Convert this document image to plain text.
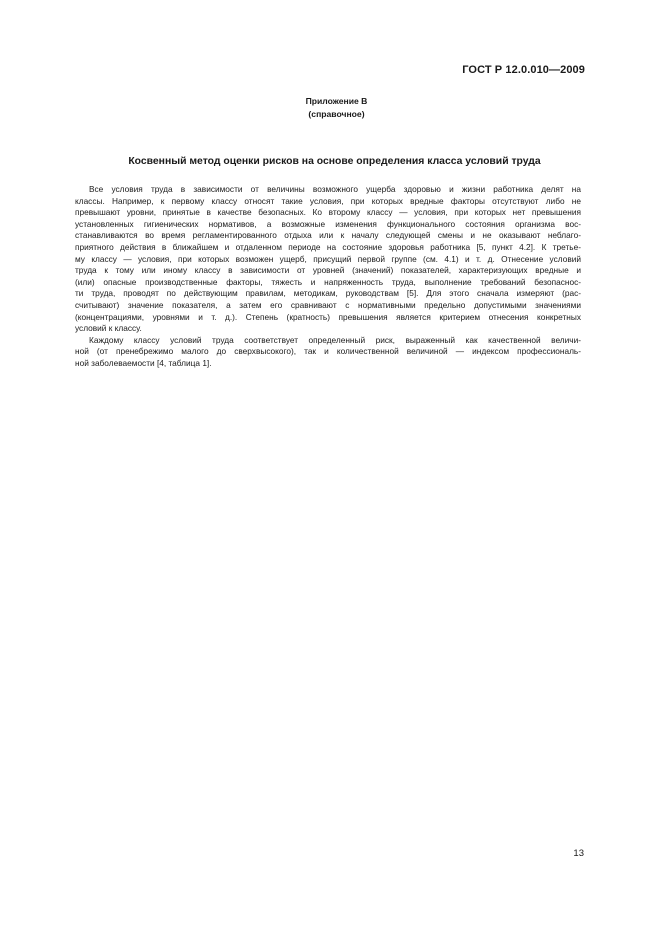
ГОСТ Р 12.0.010—2009
Приложение В
(справочное)
Косвенный метод оценки рисков на основе определения класса условий труда
Все условия труда в зависимости от величины возможного ущерба здоровью и жизни работника делят на
классы. Например, к первому классу относят такие условия, при которых вредные факторы отсутствуют либо не
превышают уровни, принятые в качестве безопасных. Ко второму классу — условия, при которых нет превышения
установленных гигиенических нормативов, а возможные изменения функционального состояния организма вос-
станавливаются во время регламентированного отдыха или к началу следующей смены и не оказывают неблаго-
приятного действия в ближайшем и отдаленном периоде на состояние здоровья работника [5, пункт 4.2]. К третье-
му классу — условия, при которых возможен ущерб, присущий первой группе (см. 4.1) и т. д. Отнесение условий
труда к тому или иному классу в зависимости от уровней (значений) показателей, характеризующих вредные и
(или) опасные производственные факторы, тяжесть и напряженность труда, выполнение требований безопаснос-
ти труда, проводят по действующим правилам, методикам, руководствам [5]. Для этого сначала измеряют (рас-
считывают) значение показателя, а затем его сравнивают с нормативными предельно допустимыми значениями
(концентрациями, уровнями и т. д.). Степень (кратность) превышения является критерием отнесения конкретных
условий к классу.
Каждому классу условий труда соответствует определенный риск, выраженный как качественной величи-
ной (от пренебрежимо малого до сверхвысокого), так и количественной величиной — индексом профессиональ-
ной заболеваемости [4, таблица 1].
13
